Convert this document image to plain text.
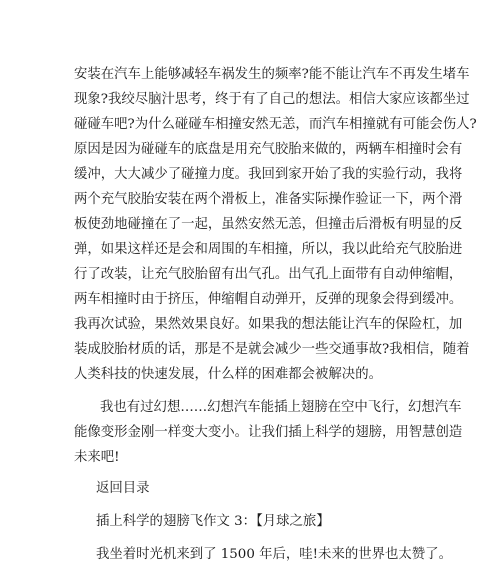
安装在汽车上能够减轻车祸发生的频率?能不能让汽车不再发生堵车
现象?我绞尽脑汁思考，终于有了自己的想法。相信大家应该都坐过
碰碰车吧?为什么碰碰车相撞安然无恙，而汽车相撞就有可能会伤人?
原因是因为碰碰车的底盘是用充气胶胎来做的，两辆车相撞时会有
缓冲，大大减少了碰撞力度。我回到家开始了我的实验行动，我将
两个充气胶胎安装在两个滑板上，准备实际操作验证一下，两个滑
板使劲地碰撞在了一起，虽然安然无恙，但撞击后滑板有明显的反
弹，如果这样还是会和周围的车相撞，所以，我以此给充气胶胎进
行了改装，让充气胶胎留有出气孔。出气孔上面带有自动伸缩帽，
两车相撞时由于挤压，伸缩帽自动弹开，反弹的现象会得到缓冲。
我再次试验，果然效果良好。如果我的想法能让汽车的保险杠，加
装成胶胎材质的话，那是不是就会减少一些交通事故?我相信，随着
人类科技的快速发展，什么样的困难都会被解决的。
我也有过幻想……幻想汽车能插上翅膀在空中飞行，幻想汽车
能像变形金刚一样变大变小。让我们插上科学的翅膀，用智慧创造
未来吧!
返回目录
插上科学的翅膀飞作文 3：【月球之旅】
我坐着时光机来到了 1500 年后，哇!未来的世界也太赞了。
